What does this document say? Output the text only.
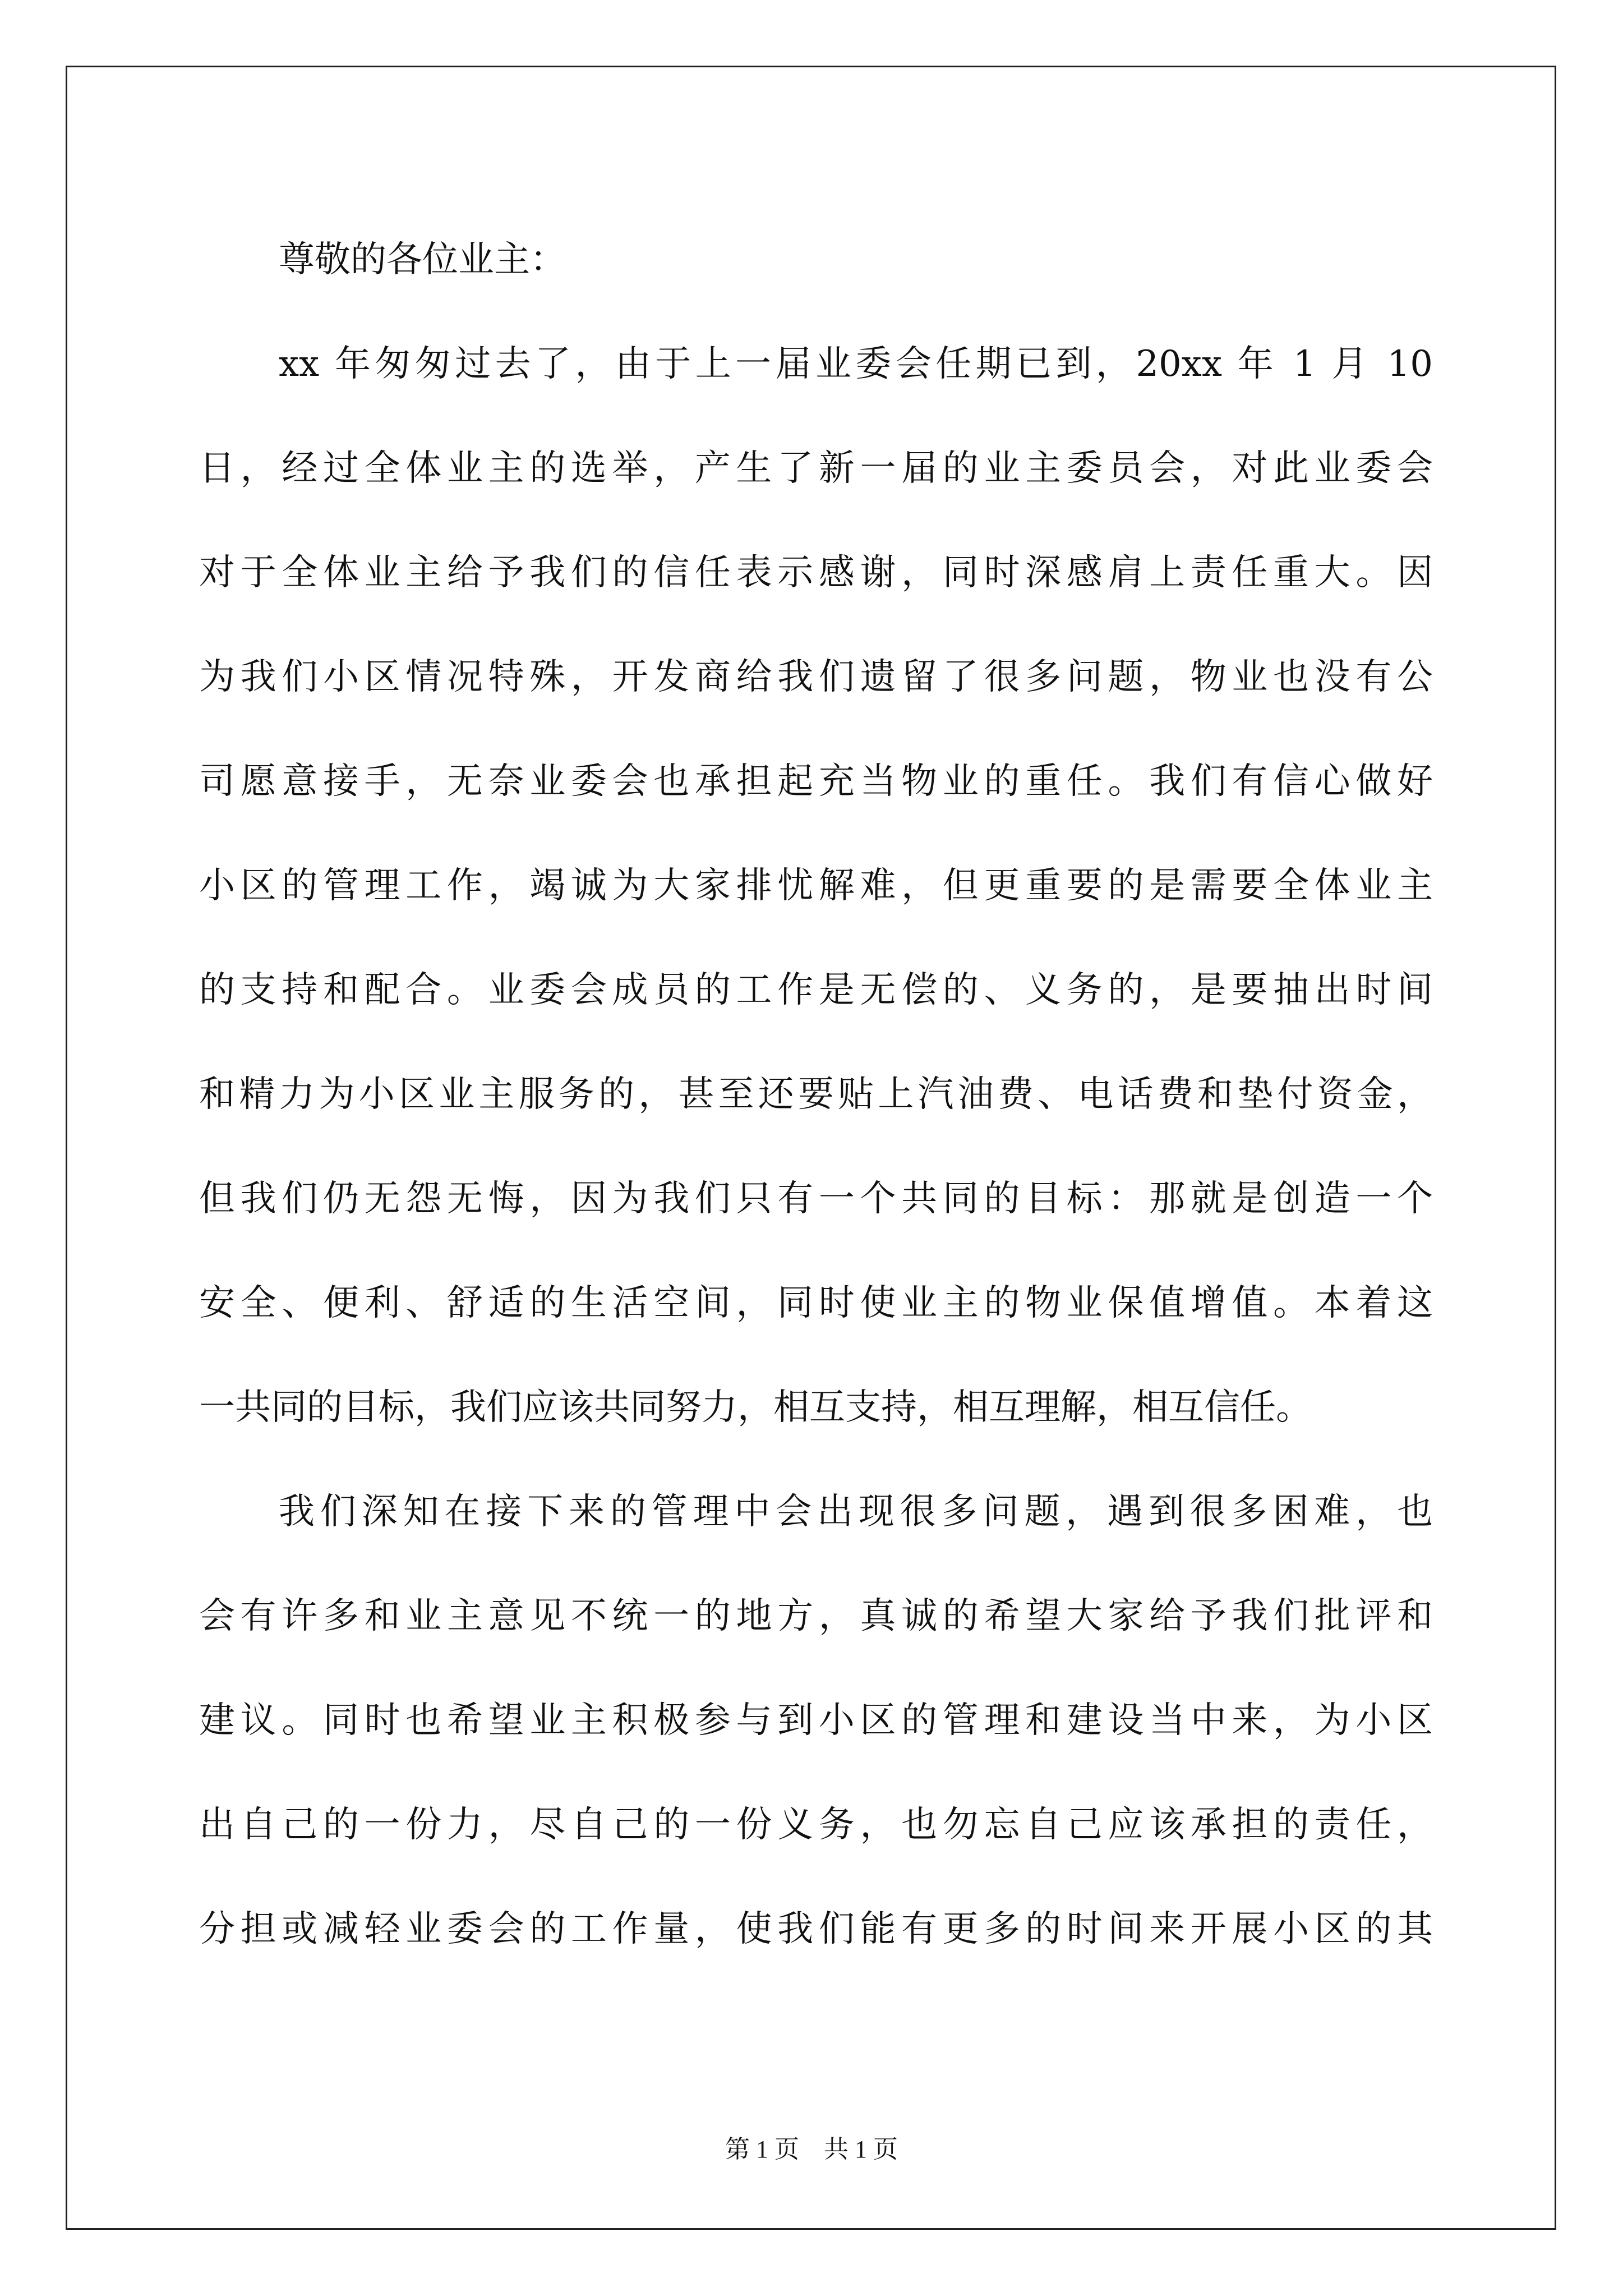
尊敬的各位业主：
xx 年匆匆过去了，由于上一届业委会任期已到，20xx 年 1 月 10
日，经过全体业主的选举，产生了新一届的业主委员会，对此业委会
对于全体业主给予我们的信任表示感谢，同时深感肩上责任重大。因
为我们小区情况特殊，开发商给我们遗留了很多问题，物业也没有公
司愿意接手，无奈业委会也承担起充当物业的重任。我们有信心做好
小区的管理工作，竭诚为大家排忧解难，但更重要的是需要全体业主
的支持和配合。业委会成员的工作是无偿的、义务的，是要抽出时间
和精力为小区业主服务的，甚至还要贴上汽油费、电话费和垫付资金，
但我们仍无怨无悔，因为我们只有一个共同的目标：那就是创造一个
安全、便利、舒适的生活空间，同时使业主的物业保值增值。本着这
一共同的目标，我们应该共同努力，相互支持，相互理解，相互信任。
我们深知在接下来的管理中会出现很多问题，遇到很多困难，也
会有许多和业主意见不统一的地方，真诚的希望大家给予我们批评和
建议。同时也希望业主积极参与到小区的管理和建设当中来，为小区
出自己的一份力，尽自己的一份义务，也勿忘自己应该承担的责任，
分担或减轻业委会的工作量，使我们能有更多的时间来开展小区的其
第 1 页    共 1 页
